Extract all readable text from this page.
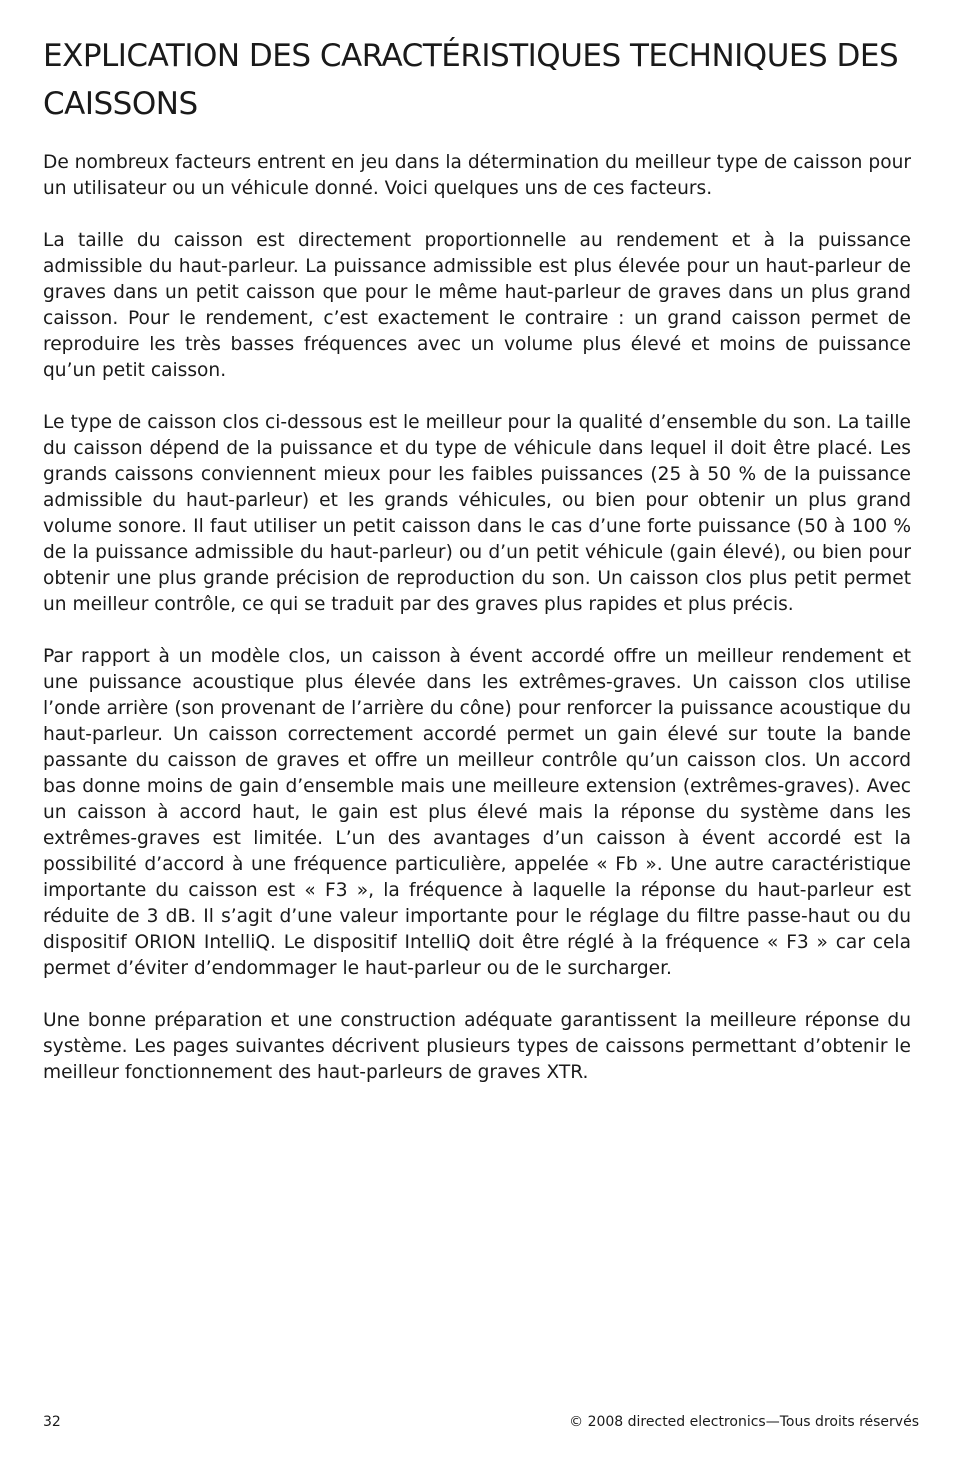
EXPLICATION DES CARACTÉRISTIQUES TECHNIQUES DES CAISSONS

De nombreux facteurs entrent en jeu dans la détermination du meilleur type de caisson pour un utilisateur ou un véhicule donné. Voici quelques uns de ces facteurs.

La taille du caisson est directement proportionnelle au rendement et à la puissance admissible du haut-parleur. La puissance admissible est plus élevée pour un haut-parleur de graves dans un petit caisson que pour le même haut-parleur de graves dans un plus grand caisson. Pour le rendement, c’est exactement le contraire : un grand caisson permet de reproduire les très basses fréquences avec un volume plus élevé et moins de puissance qu’un petit caisson.

Le type de caisson clos ci-dessous est le meilleur pour la qualité d’ensemble du son. La taille du caisson dépend de la puissance et du type de véhicule dans lequel il doit être placé. Les grands caissons conviennent mieux pour les faibles puissances (25 à 50 % de la puissance admissible du haut-parleur) et les grands véhicules, ou bien pour obtenir un plus grand volume sonore. Il faut utiliser un petit caisson dans le cas d’une forte puissance (50 à 100 % de la puissance admissible du haut-parleur) ou d’un petit véhicule (gain élevé), ou bien pour obtenir une plus grande précision de reproduction du son. Un caisson clos plus petit permet un meilleur contrôle, ce qui se traduit par des graves plus rapides et plus précis.

Par rapport à un modèle clos, un caisson à évent accordé offre un meilleur rendement et une puissance acoustique plus élevée dans les extrêmes-graves. Un caisson clos utilise l’onde arrière (son provenant de l’arrière du cône) pour renforcer la puissance acoustique du haut-parleur. Un caisson correctement accordé permet un gain élevé sur toute la bande passante du caisson de graves et offre un meilleur contrôle qu’un caisson clos. Un accord bas donne moins de gain d’ensemble mais une meilleure extension (extrêmes-graves). Avec un caisson à accord haut, le gain est plus élevé mais la réponse du système dans les extrêmes-graves est limitée. L’un des avantages d’un caisson à évent accordé est la possibilité d’accord à une fréquence particulière, appelée « Fb ». Une autre caractéristique importante du caisson est « F3 », la fréquence à laquelle la réponse du haut-parleur est réduite de 3 dB. Il s’agit d’une valeur importante pour le réglage du filtre passe-haut ou du dispositif ORION IntelliQ. Le dispositif IntelliQ doit être réglé à la fréquence « F3 » car cela permet d’éviter d’endommager le haut-parleur ou de le surcharger.

Une bonne préparation et une construction adéquate garantissent la meilleure réponse du système. Les pages suivantes décrivent plusieurs types de caissons permettant d’obtenir le meilleur fonctionnement des haut-parleurs de graves XTR.

32	© 2008 directed electronics—Tous droits réservés
